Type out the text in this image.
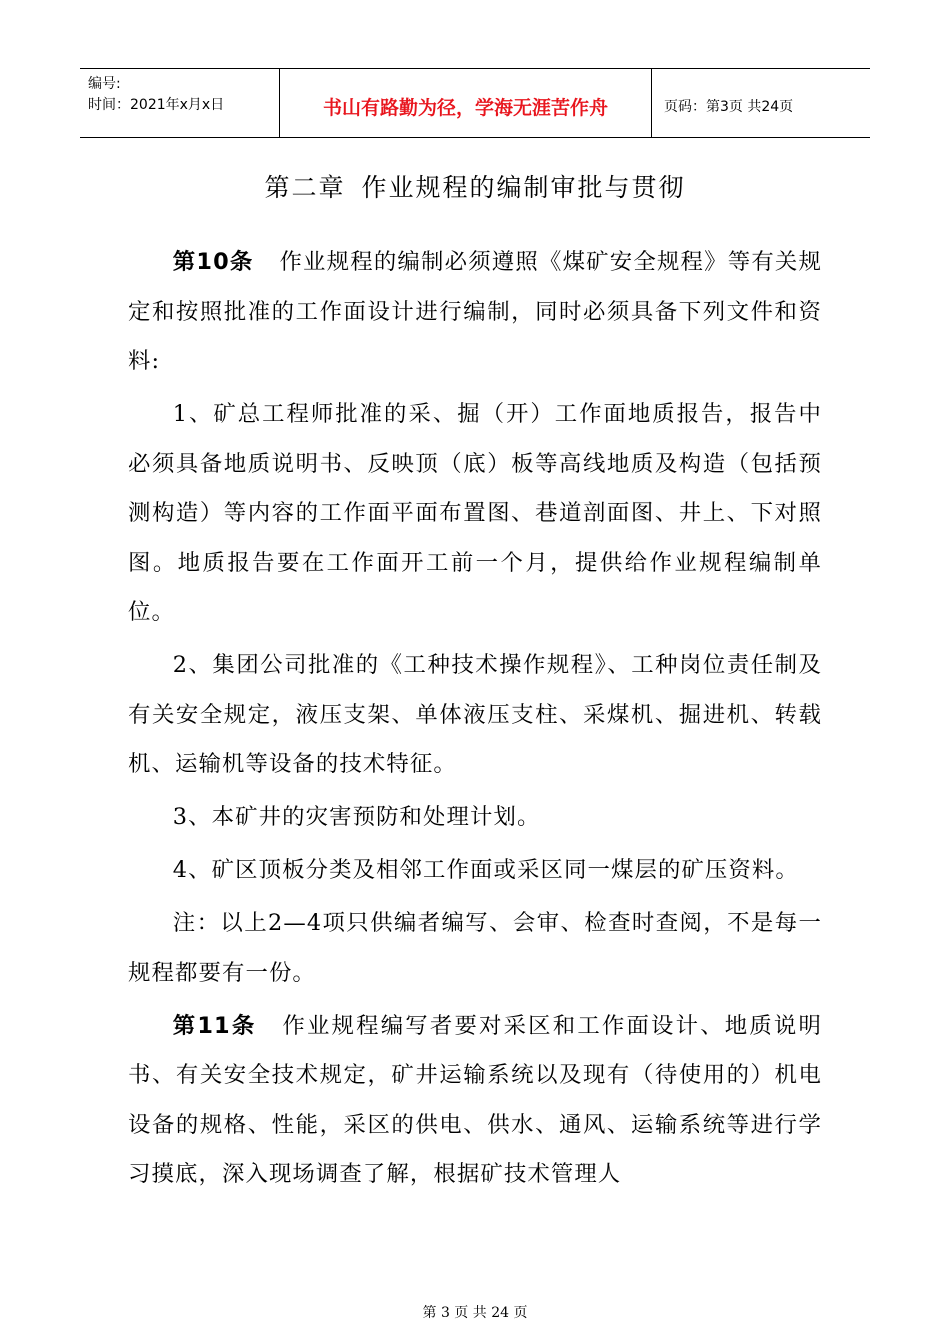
编号:
时间：2021年x月x日	书山有路勤为径，学海无涯苦作舟	页码：第3页 共24页
第二章 作业规程的编制审批与贯彻

第10条 作业规程的编制必须遵照《煤矿安全规程》等有关规定和按照批准的工作面设计进行编制，同时必须具备下列文件和资料:

1、矿总工程师批准的采、掘（开）工作面地质报告，报告中必须具备地质说明书、反映顶（底）板等高线地质及构造（包括预测构造）等内容的工作面平面布置图、巷道剖面图、井上、下对照图。地质报告要在工作面开工前一个月，提供给作业规程编制单位。

2、集团公司批准的《工种技术操作规程》、工种岗位责任制及有关安全规定，液压支架、单体液压支柱、采煤机、掘进机、转载机、运输机等设备的技术特征。

3、本矿井的灾害预防和处理计划。

4、矿区顶板分类及相邻工作面或采区同一煤层的矿压资料。

注：以上2—4项只供编者编写、会审、检查时查阅，不是每一规程都要有一份。

第11条 作业规程编写者要对采区和工作面设计、地质说明书、有关安全技术规定，矿井运输系统以及现有（待使用的）机电设备的规格、性能，采区的供电、供水、通风、运输系统等进行学习摸底，深入现场调查了解，根据矿技术管理人

第 3 页 共 24 页
